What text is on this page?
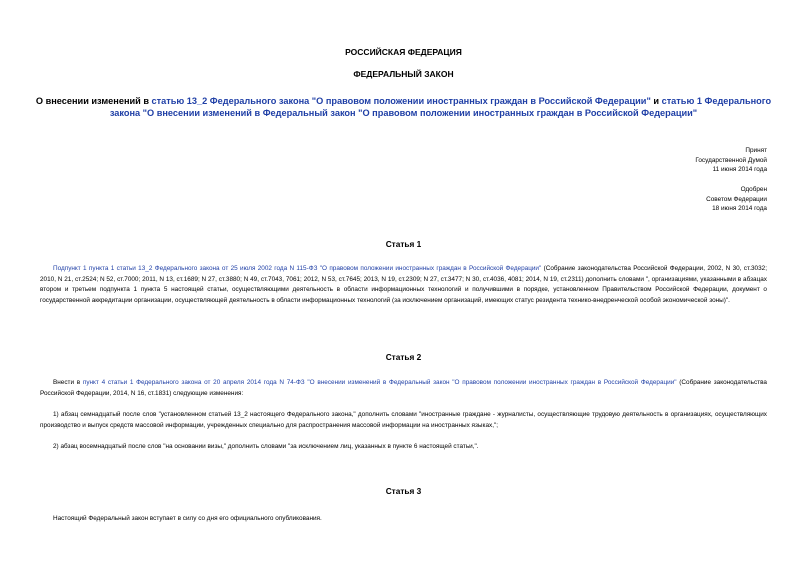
РОССИЙСКАЯ ФЕДЕРАЦИЯ
ФЕДЕРАЛЬНЫЙ ЗАКОН
О внесении изменений в статью 13_2 Федерального закона "О правовом положении иностранных граждан в Российской Федерации" и статью 1 Федерального закона "О внесении изменений в Федеральный закон "О правовом положении иностранных граждан в Российской Федерации"
Принят
Государственной Думой
11 июня 2014 года
Одобрен
Советом Федерации
18 июня 2014 года
Статья 1
Подпункт 1 пункта 1 статьи 13_2 Федерального закона от 25 июля 2002 года N 115-ФЗ "О правовом положении иностранных граждан в Российской Федерации" (Собрание законодательства Российской Федерации, 2002, N 30, ст.3032; 2010, N 21, ст.2524; N 52, ст.7000; 2011, N 13, ст.1689; N 27, ст.3880; N 49, ст.7043, 7061; 2012, N 53, ст.7645; 2013, N 19, ст.2309; N 27, ст.3477; N 30, ст.4036, 4081; 2014, N 19, ст.2311) дополнить словами ", организациями, указанными в абзацах втором и третьем подпункта 1 пункта 5 настоящей статьи, осуществляющими деятельность в области информационных технологий и получившими в порядке, установленном Правительством Российской Федерации, документ о государственной аккредитации организации, осуществляющей деятельность в области информационных технологий (за исключением организаций, имеющих статус резидента технико-внедренческой особой экономической зоны)".
Статья 2
Внести в пункт 4 статьи 1 Федерального закона от 20 апреля 2014 года N 74-ФЗ "О внесении изменений в Федеральный закон "О правовом положении иностранных граждан в Российской Федерации" (Собрание законодательства Российской Федерации, 2014, N 16, ст.1831) следующие изменения:
1) абзац семнадцатый после слов "установленном статьей 13_2 настоящего Федерального закона," дополнить словами "иностранные граждане - журналисты, осуществляющие трудовую деятельность в организациях, осуществляющих производство и выпуск средств массовой информации, учрежденных специально для распространения массовой информации на иностранных языках,";
2) абзац восемнадцатый после слов "на основании визы," дополнить словами "за исключением лиц, указанных в пункте 6 настоящей статьи,".
Статья 3
Настоящий Федеральный закон вступает в силу со дня его официального опубликования.
